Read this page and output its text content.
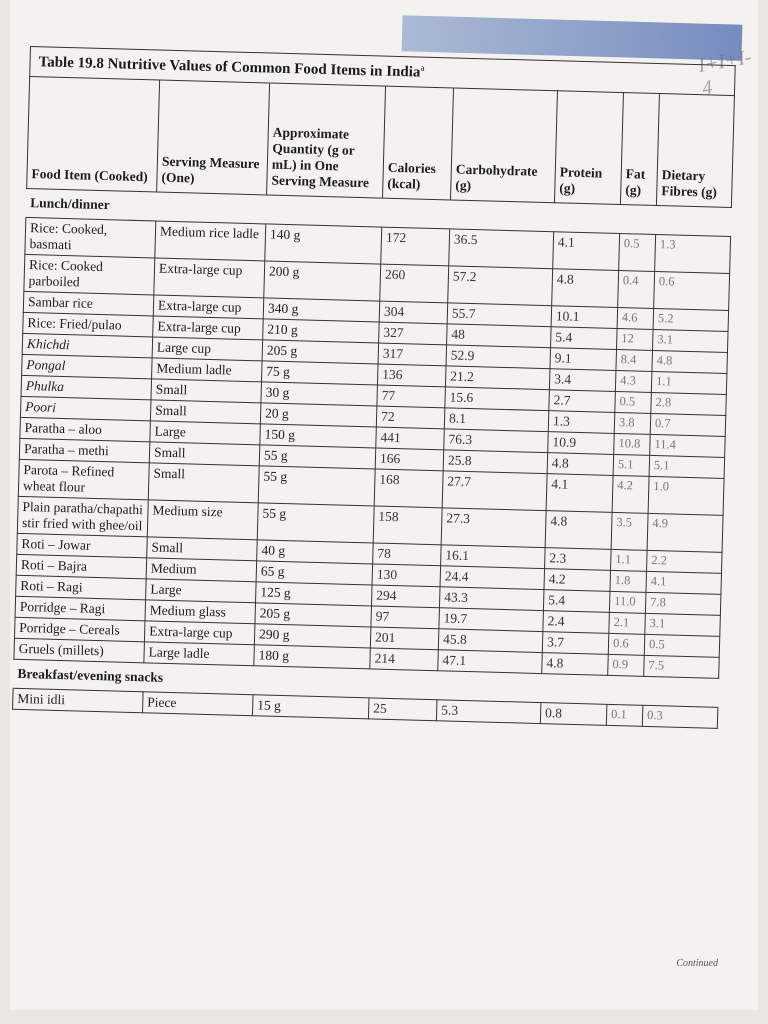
I+I+I-4
Table 19.8 Nutritive Values of Common Food Items in India$^a$
Food Item (Cooked)	Serving Measure (One)	Approximate Quantity (g or mL) in One Serving Measure	Calories (kcal)	Carbohydrate (g)	Protein (g)	Fat (g)	Dietary Fibres (g)
Lunch/dinner							
Rice: Cooked, basmati	Medium rice ladle	140 g	172	36.5	4.1	0.5	1.3
Rice: Cooked parboiled	Extra-large cup	200 g	260	57.2	4.8	0.4	0.6
Sambar rice	Extra-large cup	340 g	304	55.7	10.1	4.6	5.2
Rice: Fried/pulao	Extra-large cup	210 g	327	48	5.4	12	3.1
Khichdi	Large cup	205 g	317	52.9	9.1	8.4	4.8
Pongal	Medium ladle	75 g	136	21.2	3.4	4.3	1.1
Phulka	Small	30 g	77	15.6	2.7	0.5	2.8
Poori	Small	20 g	72	8.1	1.3	3.8	0.7
Paratha – aloo	Large	150 g	441	76.3	10.9	10.8	11.4
Paratha – methi	Small	55 g	166	25.8	4.8	5.1	5.1
Parota – Refined wheat flour	Small	55 g	168	27.7	4.1	4.2	1.0
Plain paratha/chapathi stir fried with ghee/oil	Medium size	55 g	158	27.3	4.8	3.5	4.9
Roti – Jowar	Small	40 g	78	16.1	2.3	1.1	2.2
Roti – Bajra	Medium	65 g	130	24.4	4.2	1.8	4.1
Roti – Ragi	Large	125 g	294	43.3	5.4	11.0	7.8
Porridge – Ragi	Medium glass	205 g	97	19.7	2.4	2.1	3.1
Porridge – Cereals	Extra-large cup	290 g	201	45.8	3.7	0.6	0.5
Gruels (millets)	Large ladle	180 g	214	47.1	4.8	0.9	7.5
Breakfast/evening snacks							
Mini idli	Piece	15 g	25	5.3	0.8	0.1	0.3
Continued
